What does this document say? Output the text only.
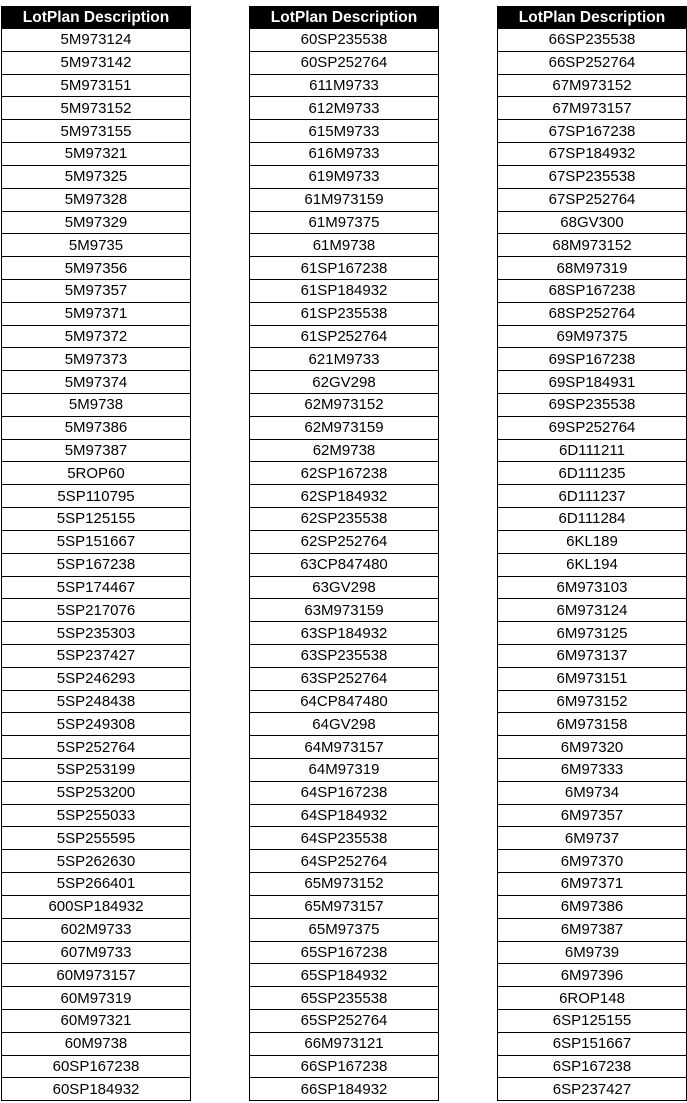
LotPlan Description
5M973124
5M973142
5M973151
5M973152
5M973155
5M97321
5M97325
5M97328
5M97329
5M9735
5M97356
5M97357
5M97371
5M97372
5M97373
5M97374
5M9738
5M97386
5M97387
5ROP60
5SP110795
5SP125155
5SP151667
5SP167238
5SP174467
5SP217076
5SP235303
5SP237427
5SP246293
5SP248438
5SP249308
5SP252764
5SP253199
5SP253200
5SP255033
5SP255595
5SP262630
5SP266401
600SP184932
602M9733
607M9733
60M973157
60M97319
60M97321
60M9738
60SP167238
60SP184932
LotPlan Description
60SP235538
60SP252764
611M9733
612M9733
615M9733
616M9733
619M9733
61M973159
61M97375
61M9738
61SP167238
61SP184932
61SP235538
61SP252764
621M9733
62GV298
62M973152
62M973159
62M9738
62SP167238
62SP184932
62SP235538
62SP252764
63CP847480
63GV298
63M973159
63SP184932
63SP235538
63SP252764
64CP847480
64GV298
64M973157
64M97319
64SP167238
64SP184932
64SP235538
64SP252764
65M973152
65M973157
65M97375
65SP167238
65SP184932
65SP235538
65SP252764
66M973121
66SP167238
66SP184932
LotPlan Description
66SP235538
66SP252764
67M973152
67M973157
67SP167238
67SP184932
67SP235538
67SP252764
68GV300
68M973152
68M97319
68SP167238
68SP252764
69M97375
69SP167238
69SP184931
69SP235538
69SP252764
6D111211
6D111235
6D111237
6D111284
6KL189
6KL194
6M973103
6M973124
6M973125
6M973137
6M973151
6M973152
6M973158
6M97320
6M97333
6M9734
6M97357
6M9737
6M97370
6M97371
6M97386
6M97387
6M9739
6M97396
6ROP148
6SP125155
6SP151667
6SP167238
6SP237427
